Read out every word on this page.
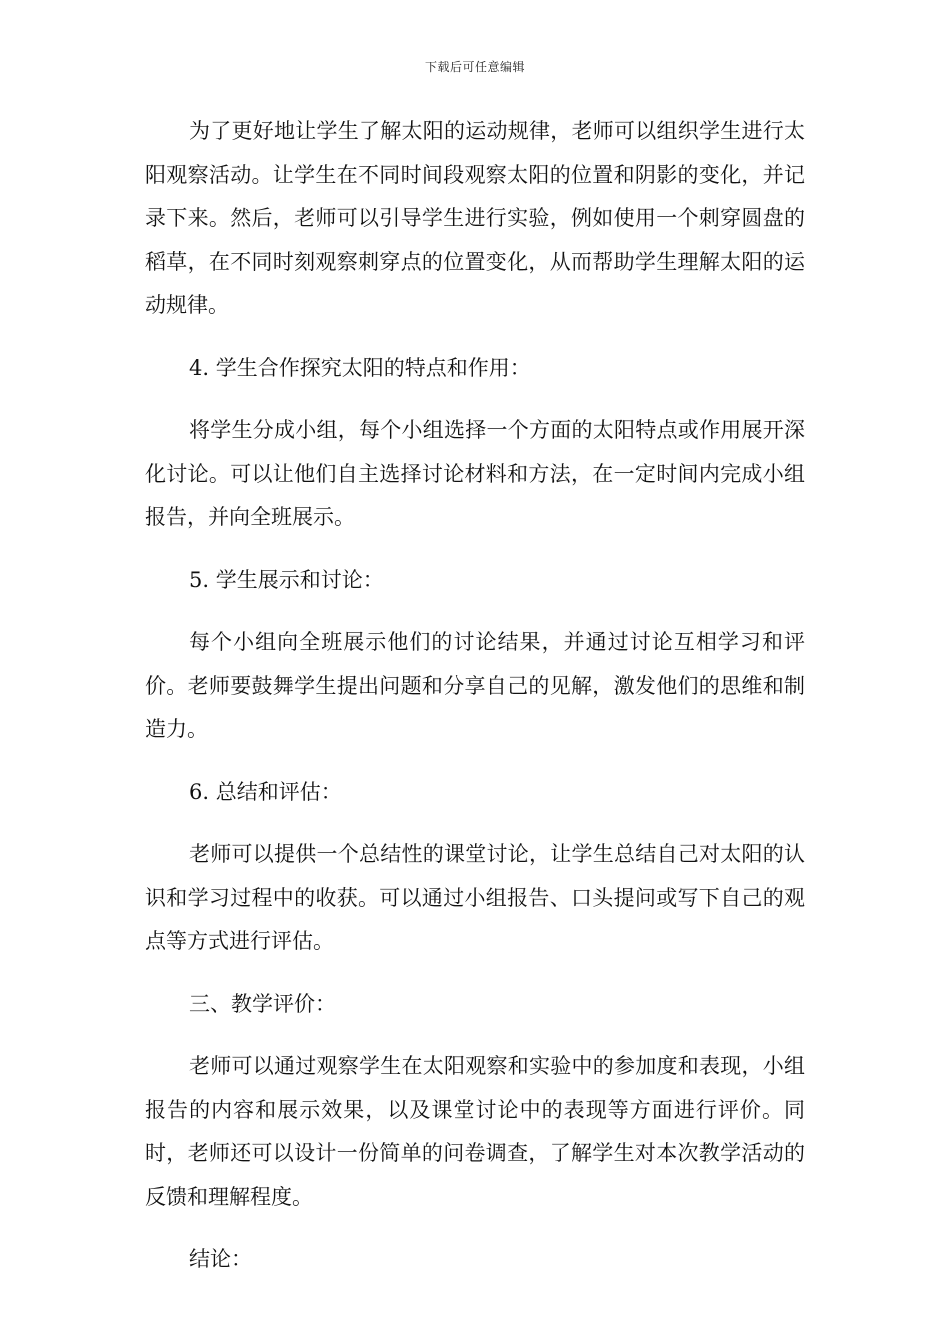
下载后可任意编辑

为了更好地让学生了解太阳的运动规律，老师可以组织学生进行太阳观察活动。让学生在不同时间段观察太阳的位置和阴影的变化，并记录下来。然后，老师可以引导学生进行实验，例如使用一个刺穿圆盘的稻草，在不同时刻观察刺穿点的位置变化，从而帮助学生理解太阳的运动规律。

4. 学生合作探究太阳的特点和作用：

将学生分成小组，每个小组选择一个方面的太阳特点或作用展开深化讨论。可以让他们自主选择讨论材料和方法，在一定时间内完成小组报告，并向全班展示。

5. 学生展示和讨论：

每个小组向全班展示他们的讨论结果，并通过讨论互相学习和评价。老师要鼓舞学生提出问题和分享自己的见解，激发他们的思维和制造力。

6. 总结和评估：

老师可以提供一个总结性的课堂讨论，让学生总结自己对太阳的认识和学习过程中的收获。可以通过小组报告、口头提问或写下自己的观点等方式进行评估。

三、教学评价：

老师可以通过观察学生在太阳观察和实验中的参加度和表现，小组报告的内容和展示效果，以及课堂讨论中的表现等方面进行评价。同时，老师还可以设计一份简单的问卷调查，了解学生对本次教学活动的反馈和理解程度。

结论：
